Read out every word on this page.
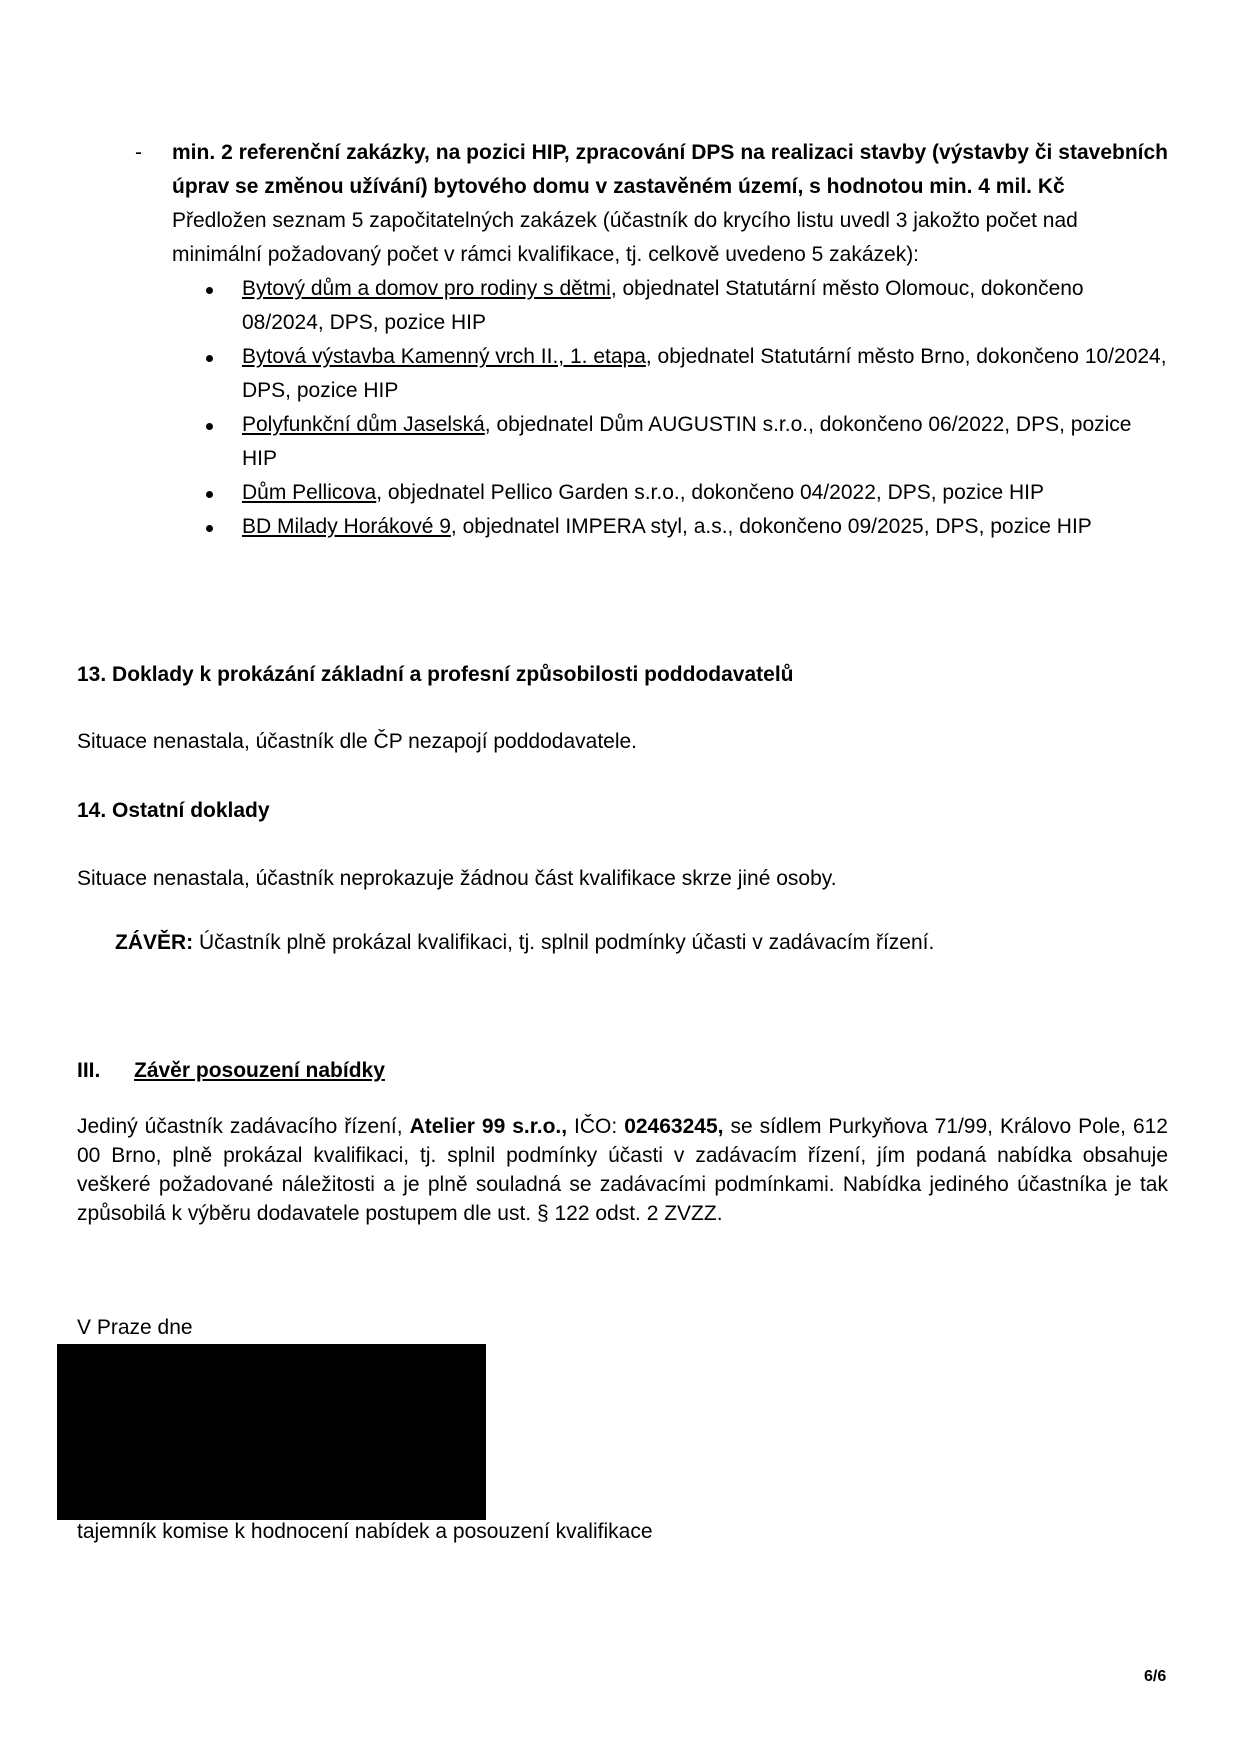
- min. 2 referenční zakázky, na pozici HIP, zpracování DPS na realizaci stavby (výstavby či stavebních úprav se změnou užívání) bytového domu v zastavěném území, s hodnotou min. 4 mil. Kč
Předložen seznam 5 započitatelných zakázek (účastník do krycího listu uvedl 3 jakožto počet nad minimální požadovaný počet v rámci kvalifikace, tj. celkově uvedeno 5 zakázek):
Bytový dům a domov pro rodiny s dětmi, objednatel Statutární město Olomouc, dokončeno 08/2024, DPS, pozice HIP
Bytová výstavba Kamenný vrch II., 1. etapa, objednatel Statutární město Brno, dokončeno 10/2024, DPS, pozice HIP
Polyfunkční dům Jaselská, objednatel Dům AUGUSTIN s.r.o., dokončeno 06/2022, DPS, pozice HIP
Dům Pellicova, objednatel Pellico Garden s.r.o., dokončeno 04/2022, DPS, pozice HIP
BD Milady Horákové 9, objednatel IMPERA styl, a.s., dokončeno 09/2025, DPS, pozice HIP
13. Doklady k prokázání základní a profesní způsobilosti poddodavatelů
Situace nenastala, účastník dle ČP nezapojí poddodavatele.
14. Ostatní doklady
Situace nenastala, účastník neprokazuje žádnou část kvalifikace skrze jiné osoby.
ZÁVĚR: Účastník plně prokázal kvalifikaci, tj. splnil podmínky účasti v zadávacím řízení.
III. Závěr posouzení nabídky
Jediný účastník zadávacího řízení, Atelier 99 s.r.o., IČO: 02463245, se sídlem Purkyňova 71/99, Královo Pole, 612 00 Brno, plně prokázal kvalifikaci, tj. splnil podmínky účasti v zadávacím řízení, jím podaná nabídka obsahuje veškeré požadované náležitosti a je plně souladná se zadávacími podmínkami. Nabídka jediného účastníka je tak způsobilá k výběru dodavatele postupem dle ust. § 122 odst. 2 ZVZZ.
V Praze dne
tajemník komise k hodnocení nabídek a posouzení kvalifikace
6/6
